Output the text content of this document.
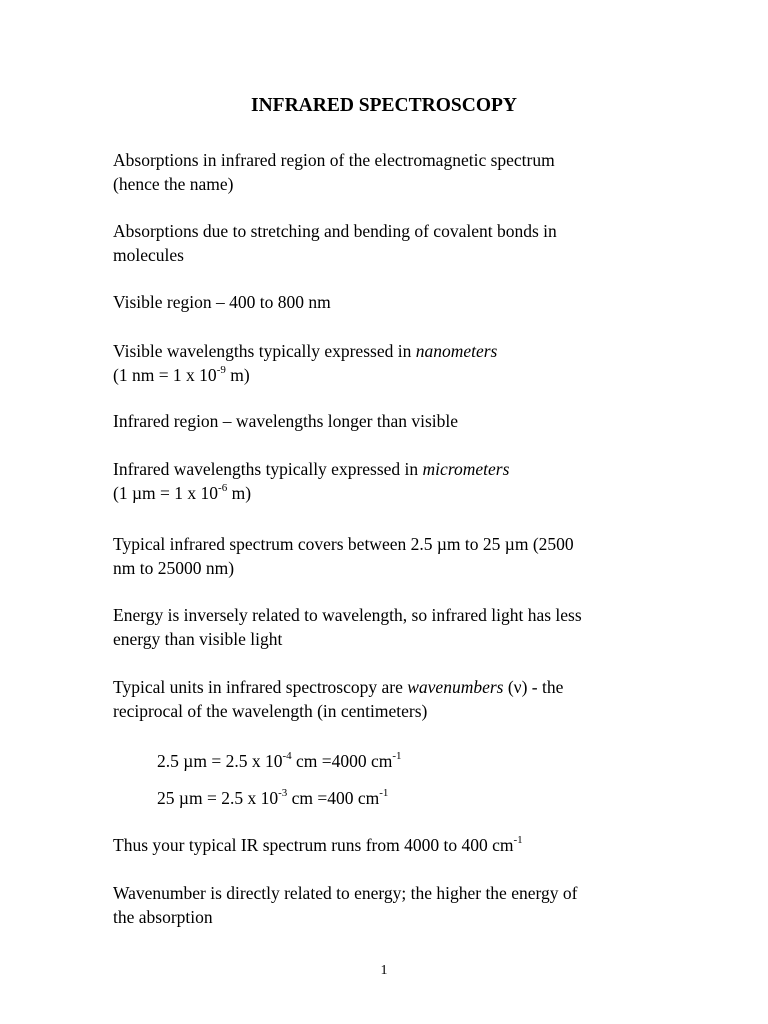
INFRARED SPECTROSCOPY

Absorptions in infrared region of the electromagnetic spectrum
(hence the name)

Absorptions due to stretching and bending of covalent bonds in
molecules

Visible region – 400 to 800 nm

Visible wavelengths typically expressed in nanometers
(1 nm = 1 x $10^{-9}$ m)

Infrared region – wavelengths longer than visible

Infrared wavelengths typically expressed in micrometers
(1 µm = 1 x $10^{-6}$ m)

Typical infrared spectrum covers between 2.5 µm to 25 µm (2500
nm to 25000 nm)

Energy is inversely related to wavelength, so infrared light has less
energy than visible light

Typical units in infrared spectroscopy are wavenumbers (ν) - the
reciprocal of the wavelength (in centimeters)

2.5 µm = 2.5 x $10^{-4}$ cm =4000 $cm^{-1}$

25 µm = 2.5 x $10^{-3}$ cm =400 $cm^{-1}$

Thus your typical IR spectrum runs from 4000 to 400 $cm^{-1}$

Wavenumber is directly related to energy; the higher the energy of
the absorption

1
